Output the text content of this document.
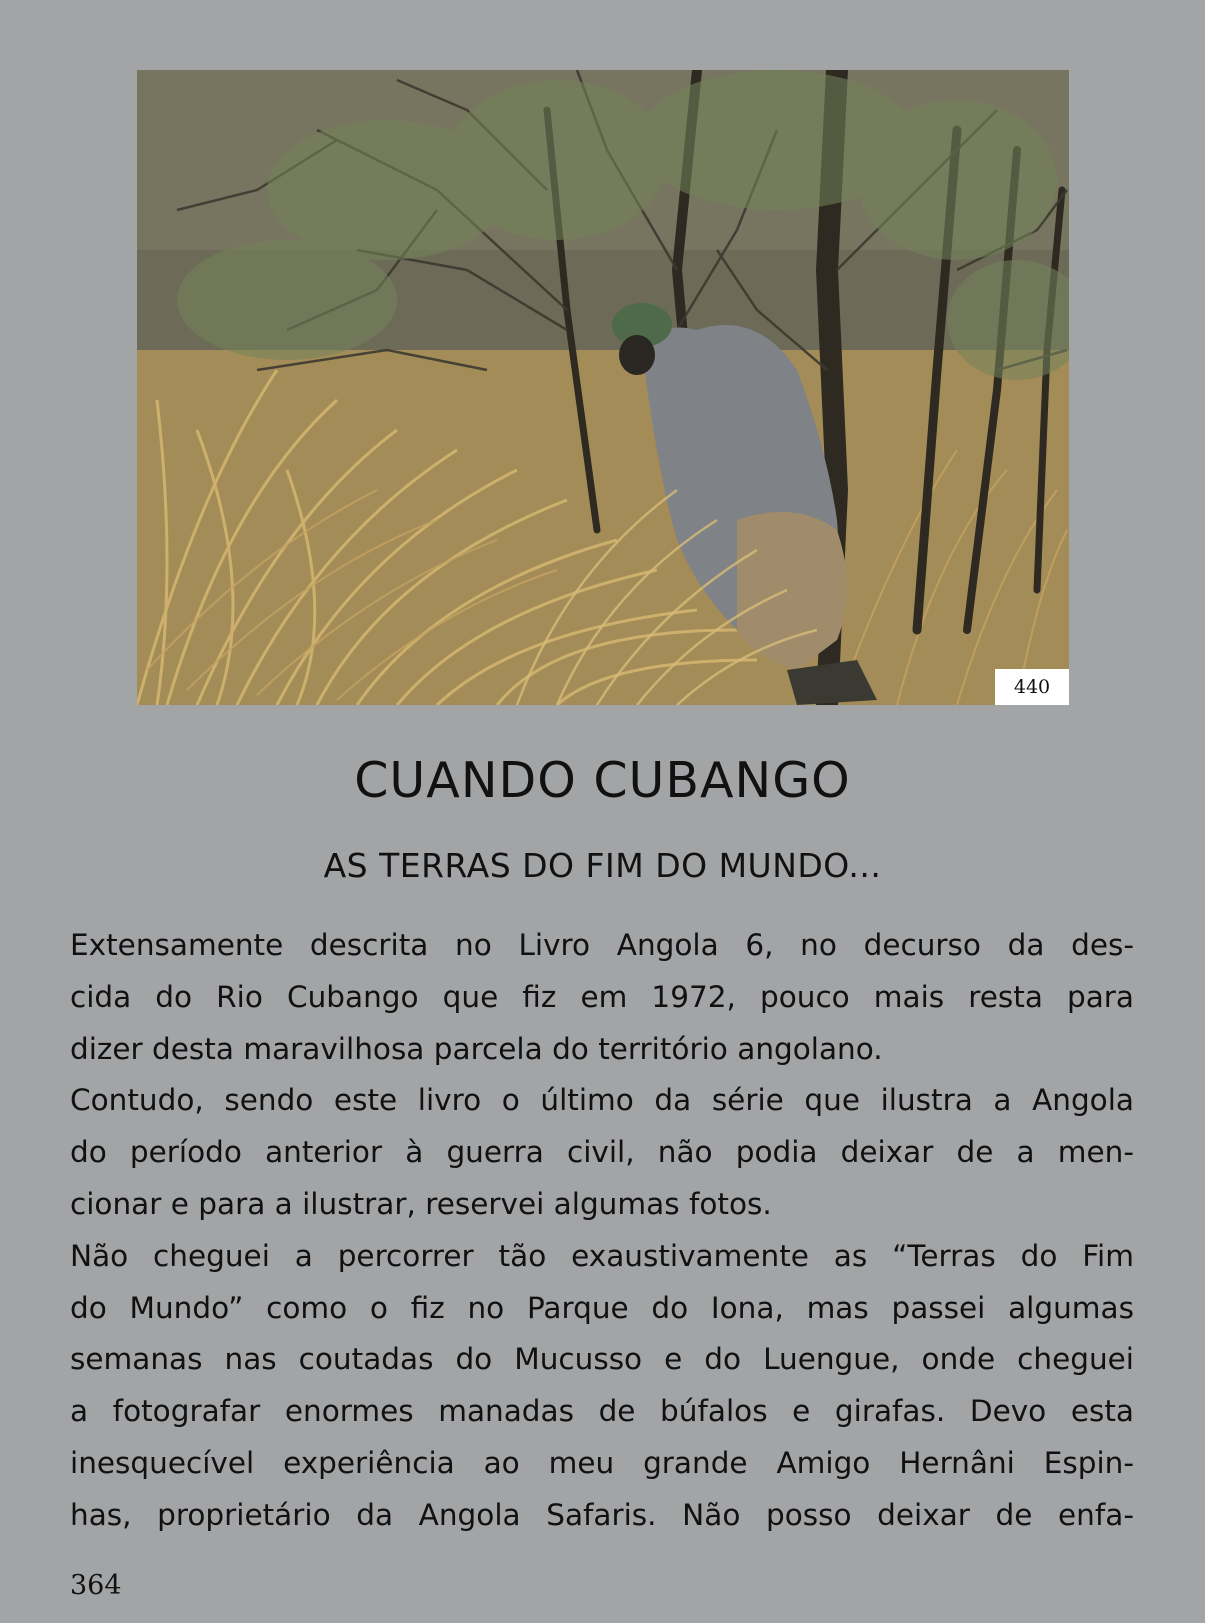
440
CUANDO CUBANGO
AS TERRAS DO FIM DO MUNDO...
Extensamente descrita no Livro Angola 6, no decurso da des-
cida do Rio Cubango que fiz em 1972, pouco mais resta para
dizer desta maravilhosa parcela do território angolano.
Contudo, sendo este livro o último da série que ilustra a Angola
do período anterior à guerra civil, não podia deixar de a men-
cionar e para a ilustrar, reservei algumas fotos.
Não cheguei a percorrer tão exaustivamente as “Terras do Fim
do Mundo” como o fiz no Parque do Iona, mas passei algumas
semanas nas coutadas do Mucusso e do Luengue, onde cheguei
a fotografar enormes manadas de búfalos e girafas. Devo esta
inesquecível experiência ao meu grande Amigo Hernâni Espin-
has, proprietário da Angola Safaris. Não posso deixar de enfa-
364
